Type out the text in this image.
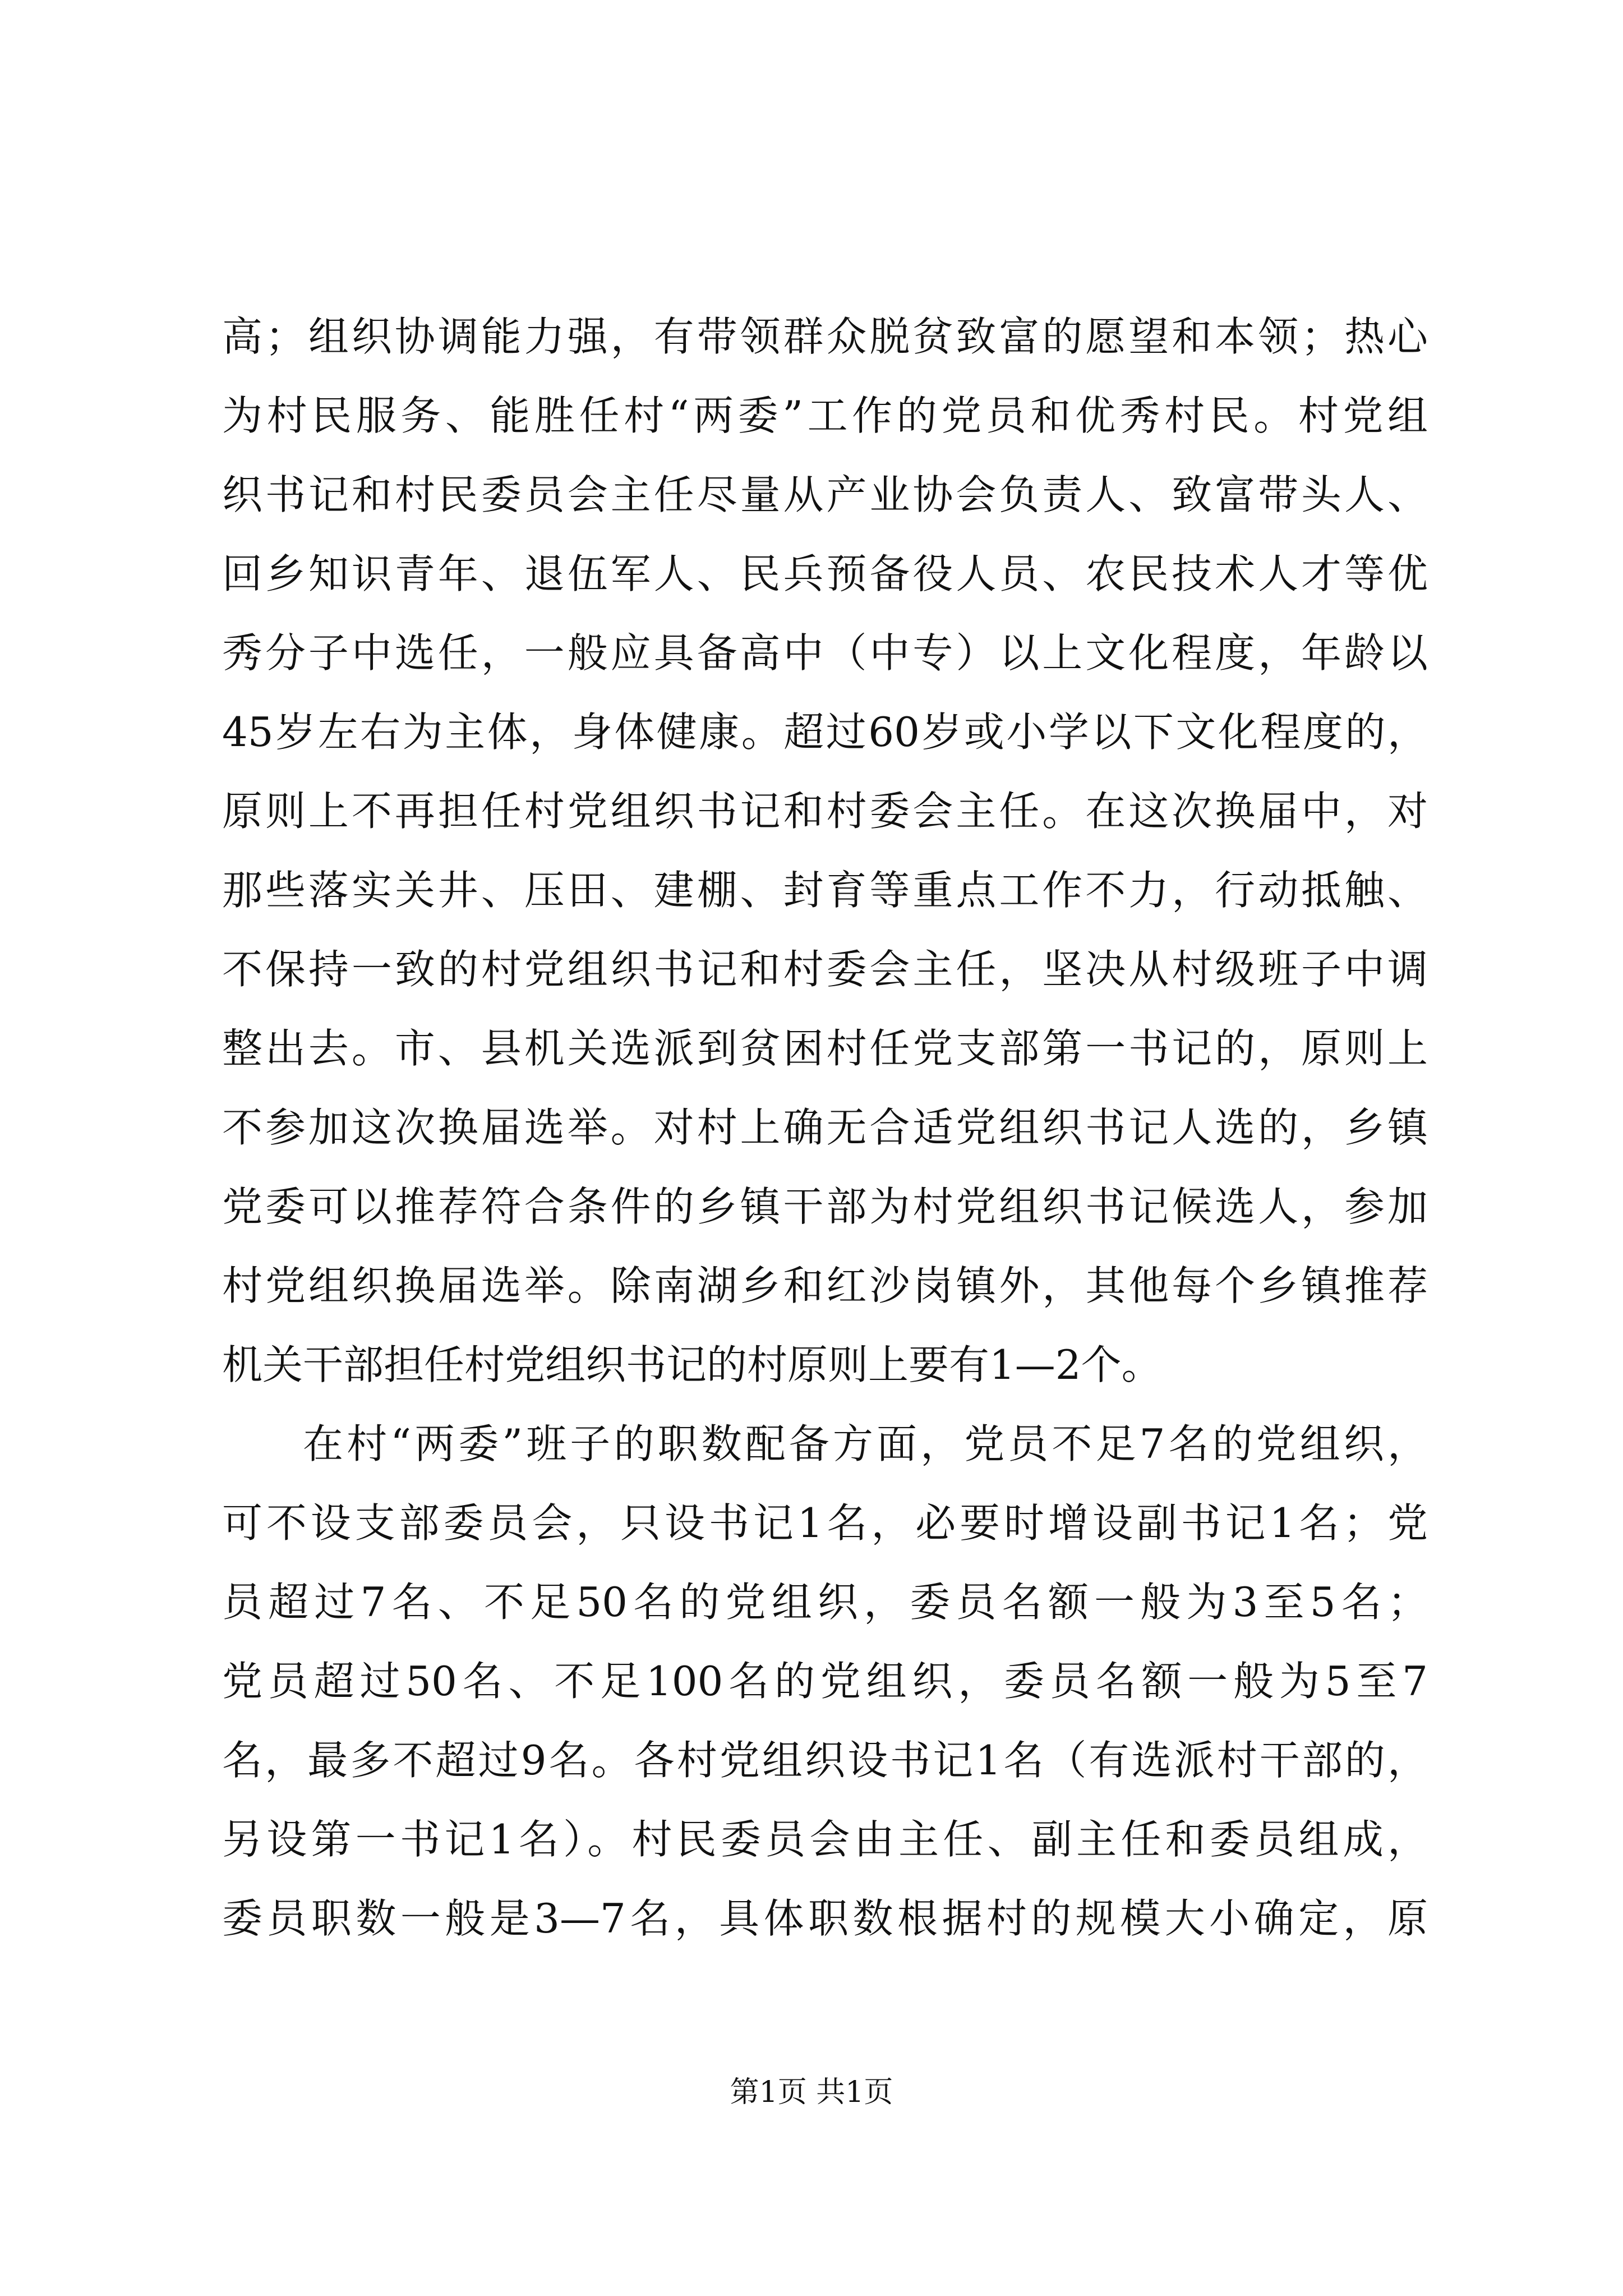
高；组织协调能力强，有带领群众脱贫致富的愿望和本领；热心
为村民服务、能胜任村“两委”工作的党员和优秀村民。村党组
织书记和村民委员会主任尽量从产业协会负责人、致富带头人、
回乡知识青年、退伍军人、民兵预备役人员、农民技术人才等优
秀分子中选任，一般应具备高中（中专）以上文化程度，年龄以
45岁左右为主体，身体健康。超过60岁或小学以下文化程度的，
原则上不再担任村党组织书记和村委会主任。在这次换届中，对
那些落实关井、压田、建棚、封育等重点工作不力，行动抵触、
不保持一致的村党组织书记和村委会主任，坚决从村级班子中调
整出去。市、县机关选派到贫困村任党支部第一书记的，原则上
不参加这次换届选举。对村上确无合适党组织书记人选的，乡镇
党委可以推荐符合条件的乡镇干部为村党组织书记候选人，参加
村党组织换届选举。除南湖乡和红沙岗镇外，其他每个乡镇推荐
机关干部担任村党组织书记的村原则上要有1—2个。
在村“两委”班子的职数配备方面，党员不足7名的党组织，
可不设支部委员会，只设书记1名，必要时增设副书记1名；党
员超过7名、不足50名的党组织，委员名额一般为3至5名；
党员超过50名、不足100名的党组织，委员名额一般为5至7
名，最多不超过9名。各村党组织设书记1名（有选派村干部的，
另设第一书记1名）。村民委员会由主任、副主任和委员组成，
委员职数一般是3—7名，具体职数根据村的规模大小确定，原
第1页 共1页
